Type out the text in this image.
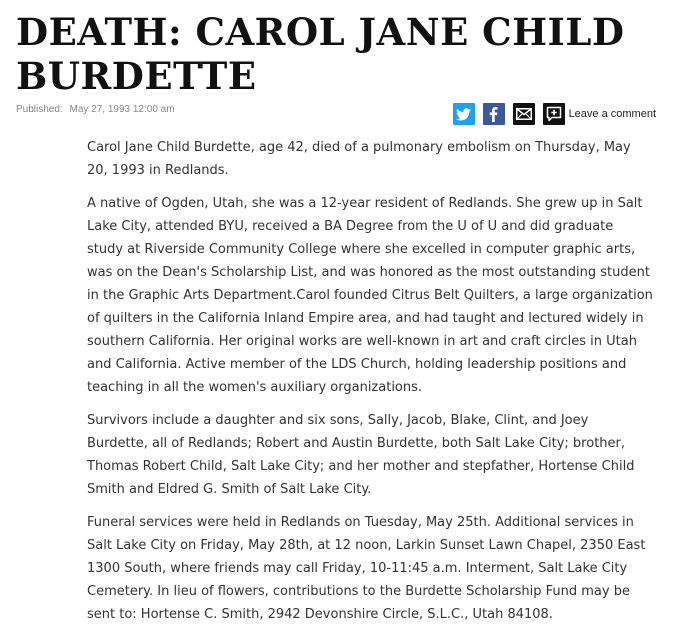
DEATH: CAROL JANE CHILD BURDETTE
Published: May 27, 1993 12:00 am	Leave a comment

Carol Jane Child Burdette, age 42, died of a pulmonary embolism on Thursday, May 20, 1993 in Redlands.

A native of Ogden, Utah, she was a 12-year resident of Redlands. She grew up in Salt Lake City, attended BYU, received a BA Degree from the U of U and did graduate study at Riverside Community College where she excelled in computer graphic arts, was on the Dean's Scholarship List, and was honored as the most outstanding student in the Graphic Arts Department.Carol founded Citrus Belt Quilters, a large organization of quilters in the California Inland Empire area, and had taught and lectured widely in southern California. Her original works are well-known in art and craft circles in Utah and California. Active member of the LDS Church, holding leadership positions and teaching in all the women's auxiliary organizations.

Survivors include a daughter and six sons, Sally, Jacob, Blake, Clint, and Joey Burdette, all of Redlands; Robert and Austin Burdette, both Salt Lake City; brother, Thomas Robert Child, Salt Lake City; and her mother and stepfather, Hortense Child Smith and Eldred G. Smith of Salt Lake City.

Funeral services were held in Redlands on Tuesday, May 25th. Additional services in Salt Lake City on Friday, May 28th, at 12 noon, Larkin Sunset Lawn Chapel, 2350 East 1300 South, where friends may call Friday, 10-11:45 a.m. Interment, Salt Lake City Cemetery. In lieu of flowers, contributions to the Burdette Scholarship Fund may be sent to: Hortense C. Smith, 2942 Devonshire Circle, S.L.C., Utah 84108.
